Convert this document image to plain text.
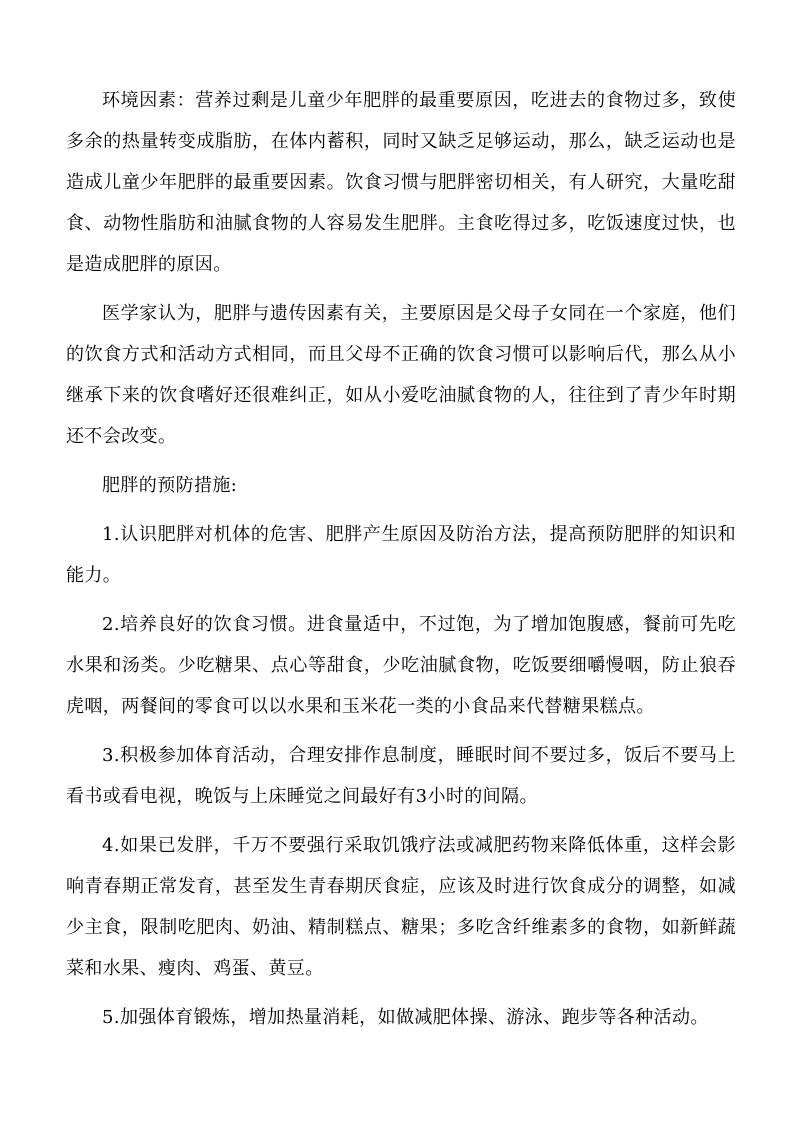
环境因素：营养过剩是儿童少年肥胖的最重要原因，吃进去的食物过多，致使多余的热量转变成脂肪，在体内蓄积，同时又缺乏足够运动，那么，缺乏运动也是造成儿童少年肥胖的最重要因素。饮食习惯与肥胖密切相关，有人研究，大量吃甜食、动物性脂肪和油腻食物的人容易发生肥胖。主食吃得过多，吃饭速度过快，也是造成肥胖的原因。

医学家认为，肥胖与遗传因素有关，主要原因是父母子女同在一个家庭，他们的饮食方式和活动方式相同，而且父母不正确的饮食习惯可以影响后代，那么从小继承下来的饮食嗜好还很难纠正，如从小爱吃油腻食物的人，往往到了青少年时期还不会改变。

肥胖的预防措施:

1.认识肥胖对机体的危害、肥胖产生原因及防治方法，提高预防肥胖的知识和能力。

2.培养良好的饮食习惯。进食量适中，不过饱，为了增加饱腹感，餐前可先吃水果和汤类。少吃糖果、点心等甜食，少吃油腻食物，吃饭要细嚼慢咽，防止狼吞虎咽，两餐间的零食可以以水果和玉米花一类的小食品来代替糖果糕点。

3.积极参加体育活动，合理安排作息制度，睡眠时间不要过多，饭后不要马上看书或看电视，晚饭与上床睡觉之间最好有3小时的间隔。

4.如果已发胖，千万不要强行采取饥饿疗法或减肥药物来降低体重，这样会影响青春期正常发育，甚至发生青春期厌食症，应该及时进行饮食成分的调整，如减少主食，限制吃肥肉、奶油、精制糕点、糖果；多吃含纤维素多的食物，如新鲜蔬菜和水果、瘦肉、鸡蛋、黄豆。

5.加强体育锻炼，增加热量消耗，如做减肥体操、游泳、跑步等各种活动。
